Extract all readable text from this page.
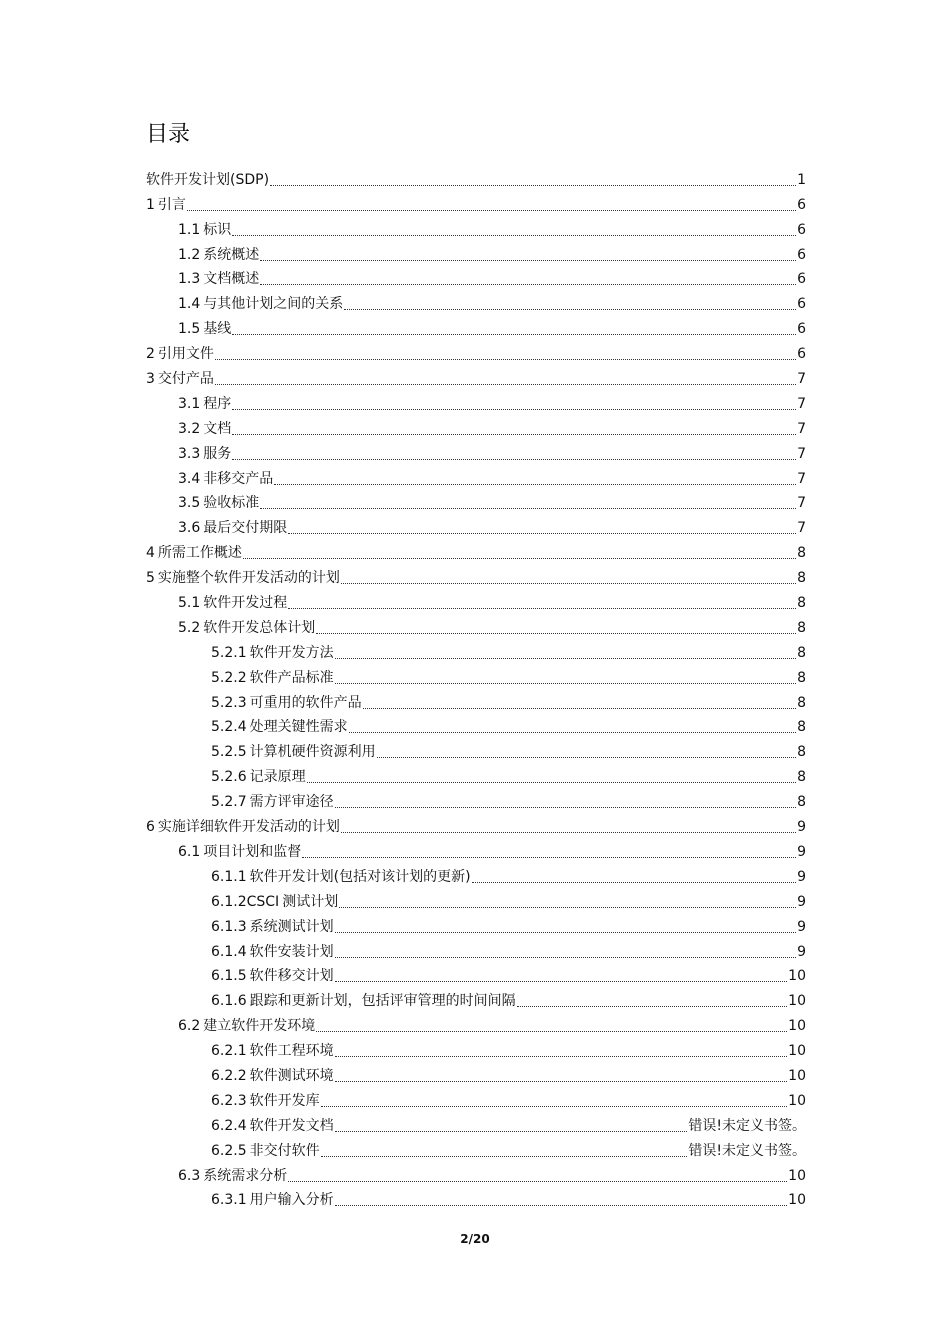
目录
软件开发计划(SDP)	1
1 引言	6
1.1 标识	6
1.2 系统概述	6
1.3 文档概述	6
1.4 与其他计划之间的关系	6
1.5 基线	6
2 引用文件	6
3 交付产品	7
3.1 程序	7
3.2 文档	7
3.3 服务	7
3.4 非移交产品	7
3.5 验收标准	7
3.6 最后交付期限	7
4 所需工作概述	8
5 实施整个软件开发活动的计划	8
5.1 软件开发过程	8
5.2 软件开发总体计划	8
5.2.1 软件开发方法	8
5.2.2 软件产品标准	8
5.2.3 可重用的软件产品	8
5.2.4 处理关键性需求	8
5.2.5 计算机硬件资源利用	8
5.2.6 记录原理	8
5.2.7 需方评审途径	8
6 实施详细软件开发活动的计划	9
6.1 项目计划和监督	9
6.1.1 软件开发计划(包括对该计划的更新)	9
6.1.2CSCI 测试计划	9
6.1.3 系统测试计划	9
6.1.4 软件安装计划	9
6.1.5 软件移交计划	10
6.1.6 跟踪和更新计划，包括评审管理的时间间隔	10
6.2 建立软件开发环境	10
6.2.1 软件工程环境	10
6.2.2 软件测试环境	10
6.2.3 软件开发库	10
6.2.4 软件开发文档	错误!未定义书签。
6.2.5 非交付软件	错误!未定义书签。
6.3 系统需求分析	10
6.3.1 用户输入分析	10
2/20
